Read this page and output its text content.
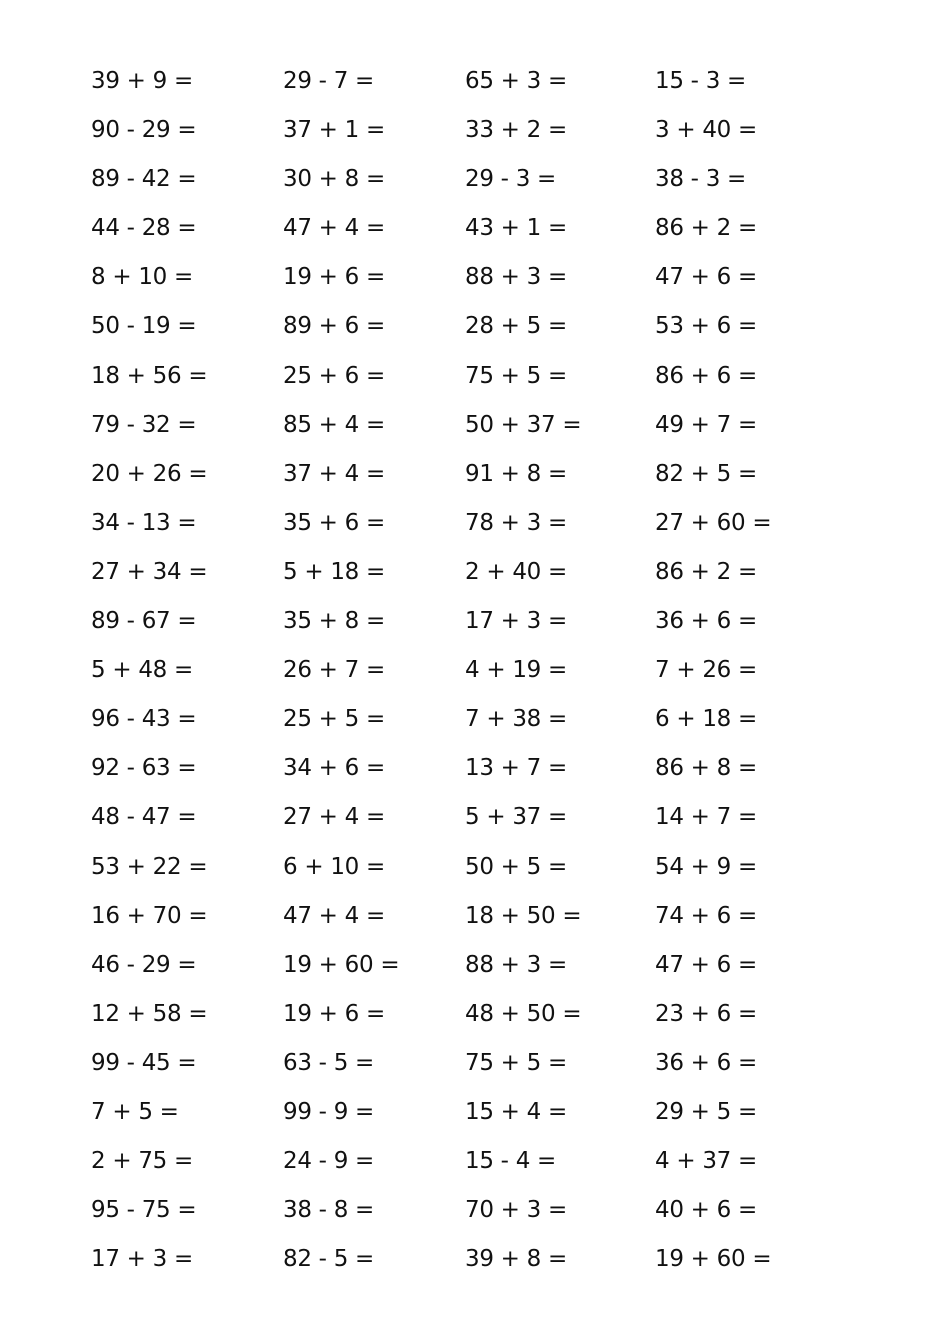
39 + 9 =	29 - 7 =	65 + 3 =	15 - 3 =
90 - 29 =	37 + 1 =	33 + 2 =	3 + 40 =
89 - 42 =	30 + 8 =	29 - 3 =	38 - 3 =
44 - 28 =	47 + 4 =	43 + 1 =	86 + 2 =
8 + 10 =	19 + 6 =	88 + 3 =	47 + 6 =
50 - 19 =	89 + 6 =	28 + 5 =	53 + 6 =
18 + 56 =	25 + 6 =	75 + 5 =	86 + 6 =
79 - 32 =	85 + 4 =	50 + 37 =	49 + 7 =
20 + 26 =	37 + 4 =	91 + 8 =	82 + 5 =
34 - 13 =	35 + 6 =	78 + 3 =	27 + 60 =
27 + 34 =	5 + 18 =	2 + 40 =	86 + 2 =
89 - 67 =	35 + 8 =	17 + 3 =	36 + 6 =
5 + 48 =	26 + 7 =	4 + 19 =	7 + 26 =
96 - 43 =	25 + 5 =	7 + 38 =	6 + 18 =
92 - 63 =	34 + 6 =	13 + 7 =	86 + 8 =
48 - 47 =	27 + 4 =	5 + 37 =	14 + 7 =
53 + 22 =	6 + 10 =	50 + 5 =	54 + 9 =
16 + 70 =	47 + 4 =	18 + 50 =	74 + 6 =
46 - 29 =	19 + 60 =	88 + 3 =	47 + 6 =
12 + 58 =	19 + 6 =	48 + 50 =	23 + 6 =
99 - 45 =	63 - 5 =	75 + 5 =	36 + 6 =
7 + 5 =	99 - 9 =	15 + 4 =	29 + 5 =
2 + 75 =	24 - 9 =	15 - 4 =	4 + 37 =
95 - 75 =	38 - 8 =	70 + 3 =	40 + 6 =
17 + 3 =	82 - 5 =	39 + 8 =	19 + 60 =
